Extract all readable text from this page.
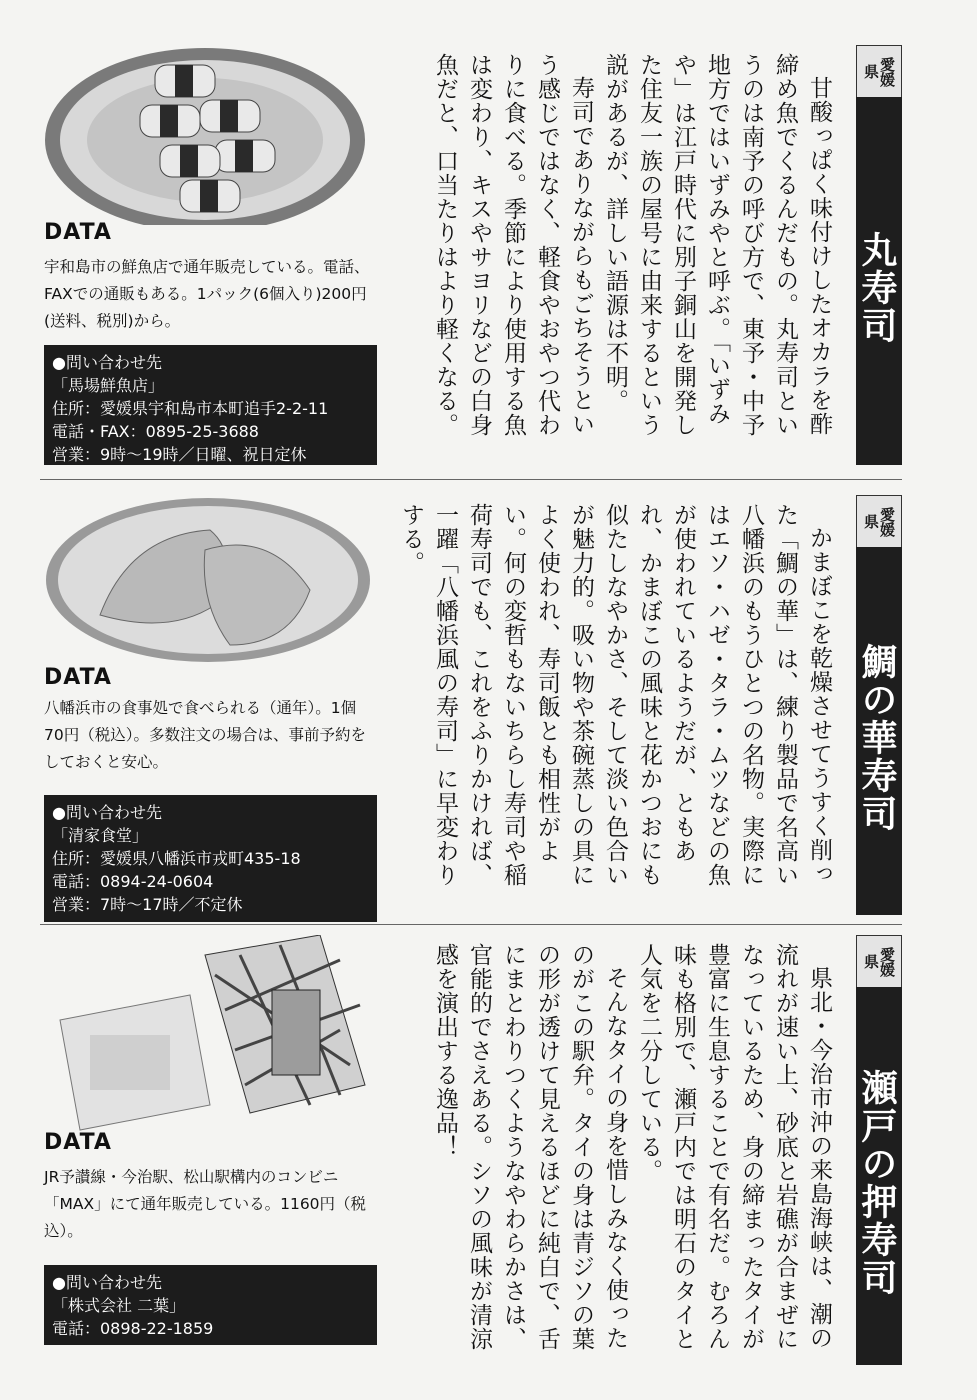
愛媛県
丸寿司

甘酸っぱく味付けしたオカラを酢締め魚でくるんだもの。丸寿司というのは南予の呼び方で、東予・中予地方ではいずみやと呼ぶ。「いずみや」は江戸時代に別子銅山を開発した住友一族の屋号に由来するという説があるが、詳しい語源は不明。

寿司でありながらもごちそうという感じではなく、軽食やおやつ代わりに食べる。季節により使用する魚は変わり、キスやサヨリなどの白身魚だと、口当たりはより軽くなる。

DATA
宇和島市の鮮魚店で通年販売している。電話、FAXでの通販もある。1パック(6個入り)200円(送料、税別)から。
●問い合わせ先
「馬場鮮魚店」
住所：愛媛県宇和島市本町追手2-2-11
電話・FAX：0895-25-3688
営業：9時～19時／日曜、祝日定休
愛媛県
鯛の華寿司

かまぼこを乾燥させてうすく削った「鯛の華」は、練り製品で名高い八幡浜のもうひとつの名物。実際にはエソ・ハゼ・タラ・ムツなどの魚が使われているようだが、ともあれ、かまぼこの風味と花かつおにも似たしなやかさ、そして淡い色合いが魅力的。吸い物や茶碗蒸しの具によく使われ、寿司飯とも相性がよい。何の変哲もないちらし寿司や稲荷寿司でも、これをふりかければ、一躍「八幡浜風の寿司」に早変わりする。

DATA
八幡浜市の食事処で食べられる（通年）。1個70円（税込）。多数注文の場合は、事前予約をしておくと安心。
●問い合わせ先
「清家食堂」
住所：愛媛県八幡浜市戎町435-18
電話：0894-24-0604
営業：7時～17時／不定休
愛媛県
瀬戸の押寿司

県北・今治市沖の来島海峡は、潮の流れが速い上、砂底と岩礁が合まぜになっているため、身の締まったタイが豊富に生息することで有名だ。むろん味も格別で、瀬戸内では明石のタイと人気を二分している。

そんなタイの身を惜しみなく使ったのがこの駅弁。タイの身は青ジソの葉の形が透けて見えるほどに純白で、舌にまとわりつくようなやわらかさは、官能的でさえある。シソの風味が清涼感を演出する逸品！

DATA
JR予讃線・今治駅、松山駅構内のコンビニ「MAX」にて通年販売している。1160円（税込）。
●問い合わせ先
「株式会社 二葉」
電話：0898-22-1859
